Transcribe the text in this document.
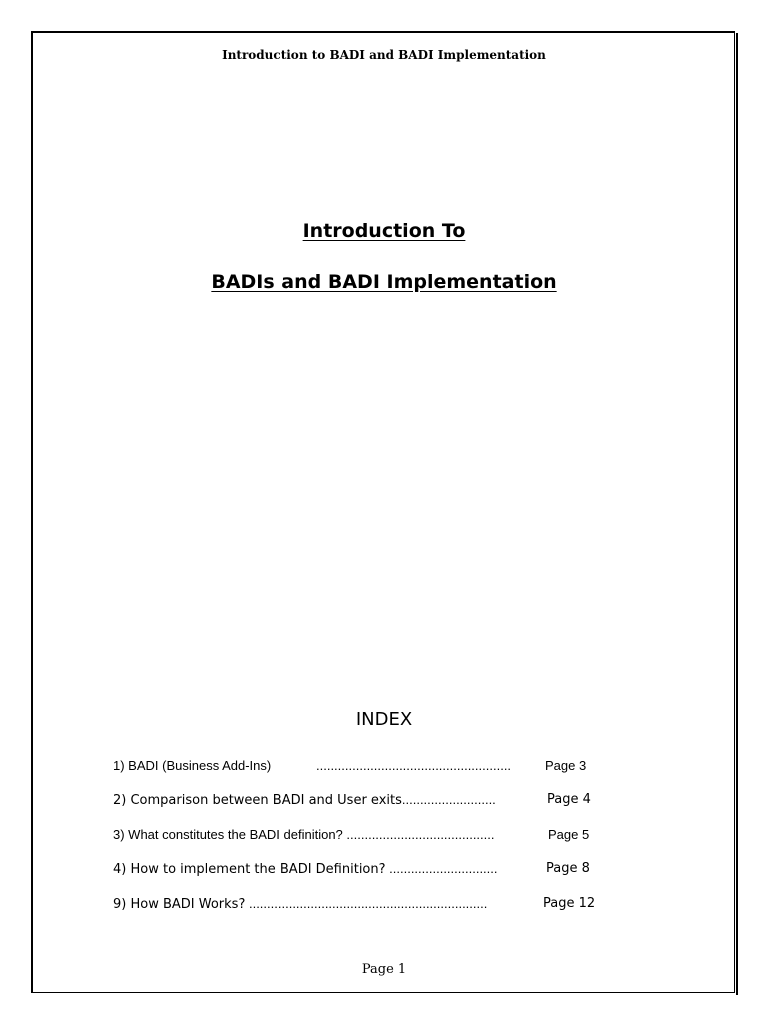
Introduction to BADI and BADI Implementation
Introduction To
BADIs and BADI Implementation
INDEX
1) BADI (Business Add-Ins)	......................................................	Page 3
2) Comparison between BADI and User exits..........................	Page 4
3) What constitutes the BADI definition? .........................................	Page 5
4) How to implement the BADI Definition? ..............................	Page 8
9) How BADI Works? ..................................................................	Page 12
Page 1
